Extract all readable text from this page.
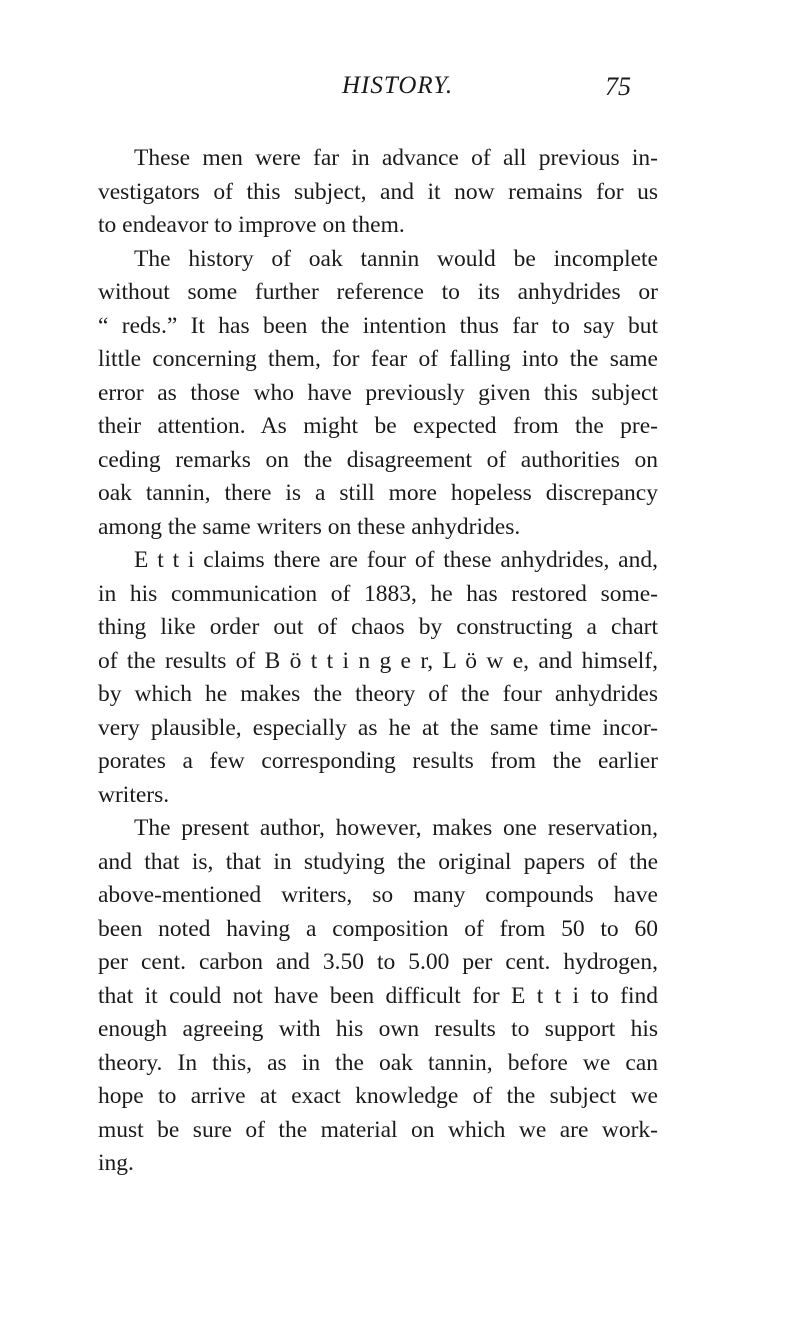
HISTORY.	75
These men were far in advance of all previous in-
vestigators of this subject, and it now remains for us
to endeavor to improve on them.
The history of oak tannin would be incomplete
without some further reference to its anhydrides or
“ reds.” It has been the intention thus far to say but
little concerning them, for fear of falling into the same
error as those who have previously given this subject
their attention. As might be expected from the pre-
ceding remarks on the disagreement of authorities on
oak tannin, there is a still more hopeless discrepancy
among the same writers on these anhydrides.
E t t i claims there are four of these anhydrides, and,
in his communication of 1883, he has restored some-
thing like order out of chaos by constructing a chart
of the results of B ö t t i n g e r, L ö w e, and himself,
by which he makes the theory of the four anhydrides
very plausible, especially as he at the same time incor-
porates a few corresponding results from the earlier
writers.
The present author, however, makes one reservation,
and that is, that in studying the original papers of the
above-mentioned writers, so many compounds have
been noted having a composition of from 50 to 60
per cent. carbon and 3.50 to 5.00 per cent. hydrogen,
that it could not have been difficult for E t t i to find
enough agreeing with his own results to support his
theory. In this, as in the oak tannin, before we can
hope to arrive at exact knowledge of the subject we
must be sure of the material on which we are work-
ing.
